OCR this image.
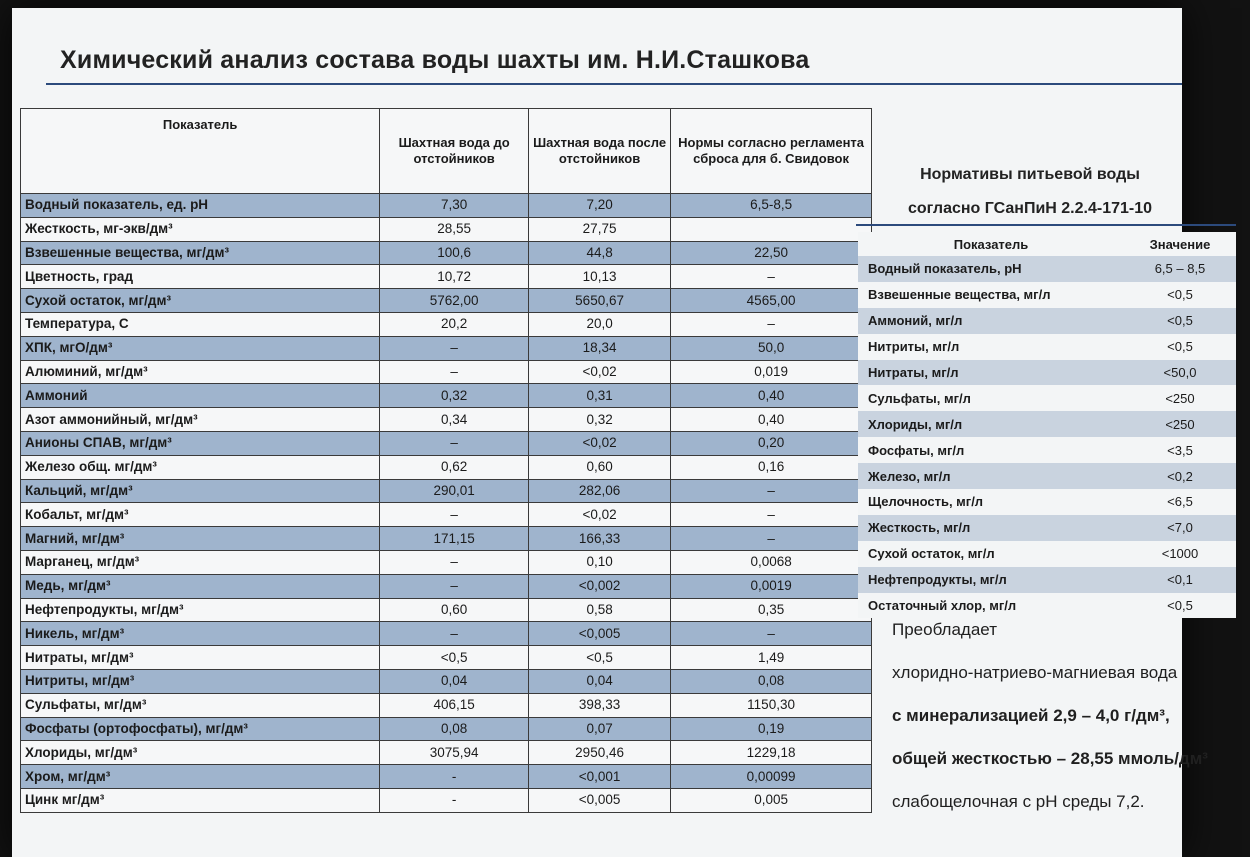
Химический анализ состава воды шахты им. Н.И.Сташкова
Показатель	Шахтная вода до отстойников	Шахтная вода после отстойников	Нормы согласно регламента сброса для б. Свидовок
Водный показатель, ед. рН	7,30	7,20	6,5-8,5
Жесткость, мг-экв/дм³	28,55	27,75	
Взвешенные вещества, мг/дм³	100,6	44,8	22,50
Цветность, град	10,72	10,13	–
Сухой остаток, мг/дм³	5762,00	5650,67	4565,00
Температура, С	20,2	20,0	–
ХПК, мгО/дм³	–	18,34	50,0
Алюминий, мг/дм³	–	<0,02	0,019
Аммоний	0,32	0,31	0,40
Азот аммонийный, мг/дм³	0,34	0,32	0,40
Анионы СПАВ, мг/дм³	–	<0,02	0,20
Железо общ. мг/дм³	0,62	0,60	0,16
Кальций, мг/дм³	290,01	282,06	–
Кобальт, мг/дм³	–	<0,02	–
Магний, мг/дм³	171,15	166,33	–
Марганец, мг/дм³	–	0,10	0,0068
Медь, мг/дм³	–	<0,002	0,0019
Нефтепродукты, мг/дм³	0,60	0,58	0,35
Никель, мг/дм³	–	<0,005	–
Нитраты, мг/дм³	<0,5	<0,5	1,49
Нитриты, мг/дм³	0,04	0,04	0,08
Сульфаты, мг/дм³	406,15	398,33	1150,30
Фосфаты (ортофосфаты), мг/дм³	0,08	0,07	0,19
Хлориды, мг/дм³	3075,94	2950,46	1229,18
Хром, мг/дм³	-	<0,001	0,00099
Цинк мг/дм³	-	<0,005	0,005
Нормативы питьевой воды
согласно ГСанПиН 2.2.4-171-10
Показатель	Значение
Водный показатель, рН	6,5 – 8,5
Взвешенные вещества, мг/л	<0,5
Аммоний, мг/л	<0,5
Нитриты, мг/л	<0,5
Нитраты, мг/л	<50,0
Сульфаты, мг/л	<250
Хлориды, мг/л	<250
Фосфаты, мг/л	<3,5
Железо, мг/л	<0,2
Щелочность, мг/л	<6,5
Жесткость, мг/л	<7,0
Сухой остаток, мг/л	<1000
Нефтепродукты, мг/л	<0,1
Остаточный хлор, мг/л	<0,5
Преобладает
хлоридно-натриево-магниевая вода
с минерализацией 2,9 – 4,0 г/дм³,
общей жесткостью – 28,55 ммоль/дм³
слабощелочная с рН среды 7,2.
